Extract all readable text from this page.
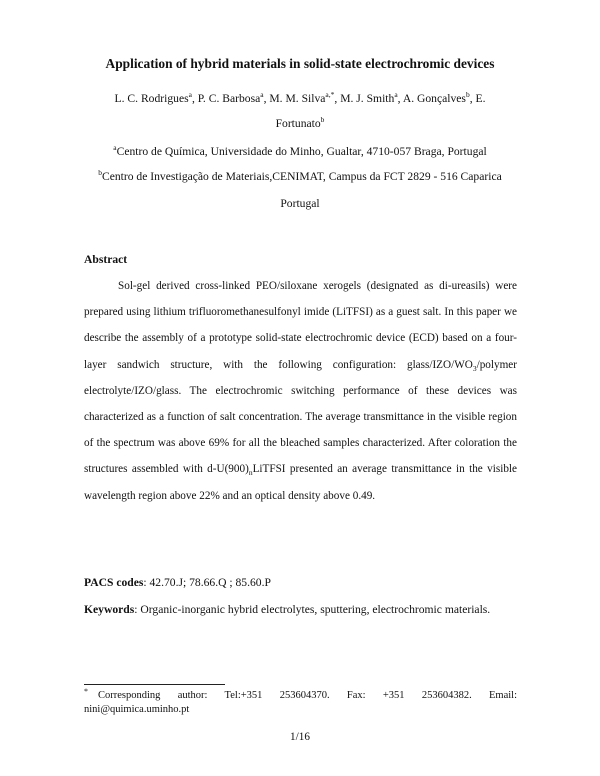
Application of hybrid materials in solid-state electrochromic devices
L. C. Rodrigues$^a$, P. C. Barbosa$^a$, M. M. Silva$^{a,*}$, M. J. Smith$^a$, A. Gonçalves$^b$, E.
Fortunato$^b$
$^a$Centro de Química, Universidade do Minho, Gualtar, 4710-057 Braga, Portugal
$^b$Centro de Investigação de Materiais,CENIMAT, Campus da FCT 2829 - 516 Caparica
Portugal
Abstract
Sol-gel derived cross-linked PEO/siloxane xerogels (designated as di-ureasils) were prepared using lithium trifluoromethanesulfonyl imide (LiTFSI) as a guest salt. In this paper we describe the assembly of a prototype solid-state electrochromic device (ECD) based on a four-layer sandwich structure, with the following configuration: glass/$IZO/WO_3$/polymer electrolyte/IZO/glass. The electrochromic switching performance of these devices was characterized as a function of salt concentration. The average transmittance in the visible region of the spectrum was above 69% for all the bleached samples characterized. After coloration the structures assembled with $d-U(900)_nLiTFSI$ presented an average transmittance in the visible wavelength region above 22% and an optical density above 0.49.
PACS codes: 42.70.J; 78.66.Q ; 85.60.P
Keywords: Organic-inorganic hybrid electrolytes, sputtering, electrochromic materials.
* Corresponding author: Tel:+351 253604370. Fax: +351 253604382. Email: nini@quimica.uminho.pt
1/16
